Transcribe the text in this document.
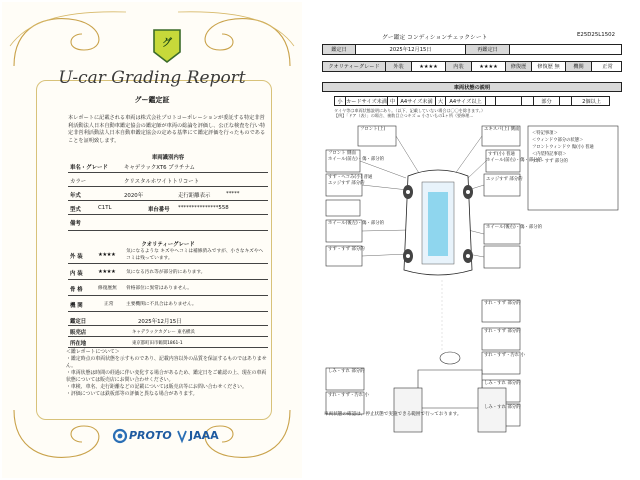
グ
U-car Grading Report
グー鑑定証
本レポートに記載される車両は株式会社プロトコーポレーションが委託する特定非営利活動法人日本自動車鑑定協会の鑑定師が車両の総論を評価し、公正な検査を行い特定非営利活動法人日本自動車鑑定協会の定める基準にて鑑定評価を行ったものであることを証明致します。
車両識別内容
車名・グレード	キャデラックXT6 プラチナム
カラー	クリスタルホワイトトリコート
年式	2020年	走行距離表示	*****
型式	C1TL	車台番号 ***************558
備考
クオリティーグレード
外 装	★★★★
気になるような キズやヘコミは補修済みですが、小さなキズやヘコミは残っています。
内 装	★★★★ 気になる汚れ等が部分的にあります。
骨 格	修復歴無 骨格部位に異常はありません。
機 関	正常	主要機関に不具合はありません。
鑑定日	2025年12月15日
販売店	キャデラックカグレー 東名横浜
所在地	東京都町田市鶴間1861-1
＜鑑レポートについて＞
・鑑定時点の車両状態を示すものであり、記載内容以外の品質を保証するものではありません。
・車両状態は時間の経過に伴い変化する場合があるため、鑑定日をご確認の上、現在の車両状態については販売店にお問い合わせください。
・車検、車名、走行距離などの記載については販売店等にお問い合わせください。
・評価については鉄板部等の評価と異なる場合があります。
PROTO JAAA
グー鑑定 コンディションチェックシート	E25D25L1502
鑑定日	2025年12月15日	再鑑定日
クオリティーグレード	外装	★★★★	内装	★★★★	修復歴	修復歴 無	機関	正常
車両状態の説明
小 カードサイズ未満 中	A4サイズ未満	大	A4サイズ以上	部分	2個以上
タイヤ等は車両状態説明にあり。（以下、記載していない場合は〇〇を除きます。）
【例】「ドア（表）」の場合、複数目立つキズ = 小さいもの1ヶ所（要修理…
フロント(上)	エキスパ(上) 側面
フロント 側面
ホイール(前左)・傷・部分的
すず・ヘコみ(小) 普通
エッジすず 部分的
すず(小) 普通
エッジすず 部分的
ホイール(前右)・傷・部分的
ホイール(後左)・傷・部分的
ホイール(後右)・傷・部分的
すず・すず 部分的
すれ・すず 部分的
すれ・すず 部分的
すれ・すず・汚れ 小
しみ・すれ 部分的
すれ・すず・汚れ 小
しみ・すれ 部分的
しみ・すれ 部分的
＜特記事項＞
＜ウィンドウ部分の状態＞
フロントウィンドウ 傷(小) 普通
＜内装特記事項＞
すれ・すず 部分的
車両状態の確認は、停止状態で実施できる範囲で行っております。
